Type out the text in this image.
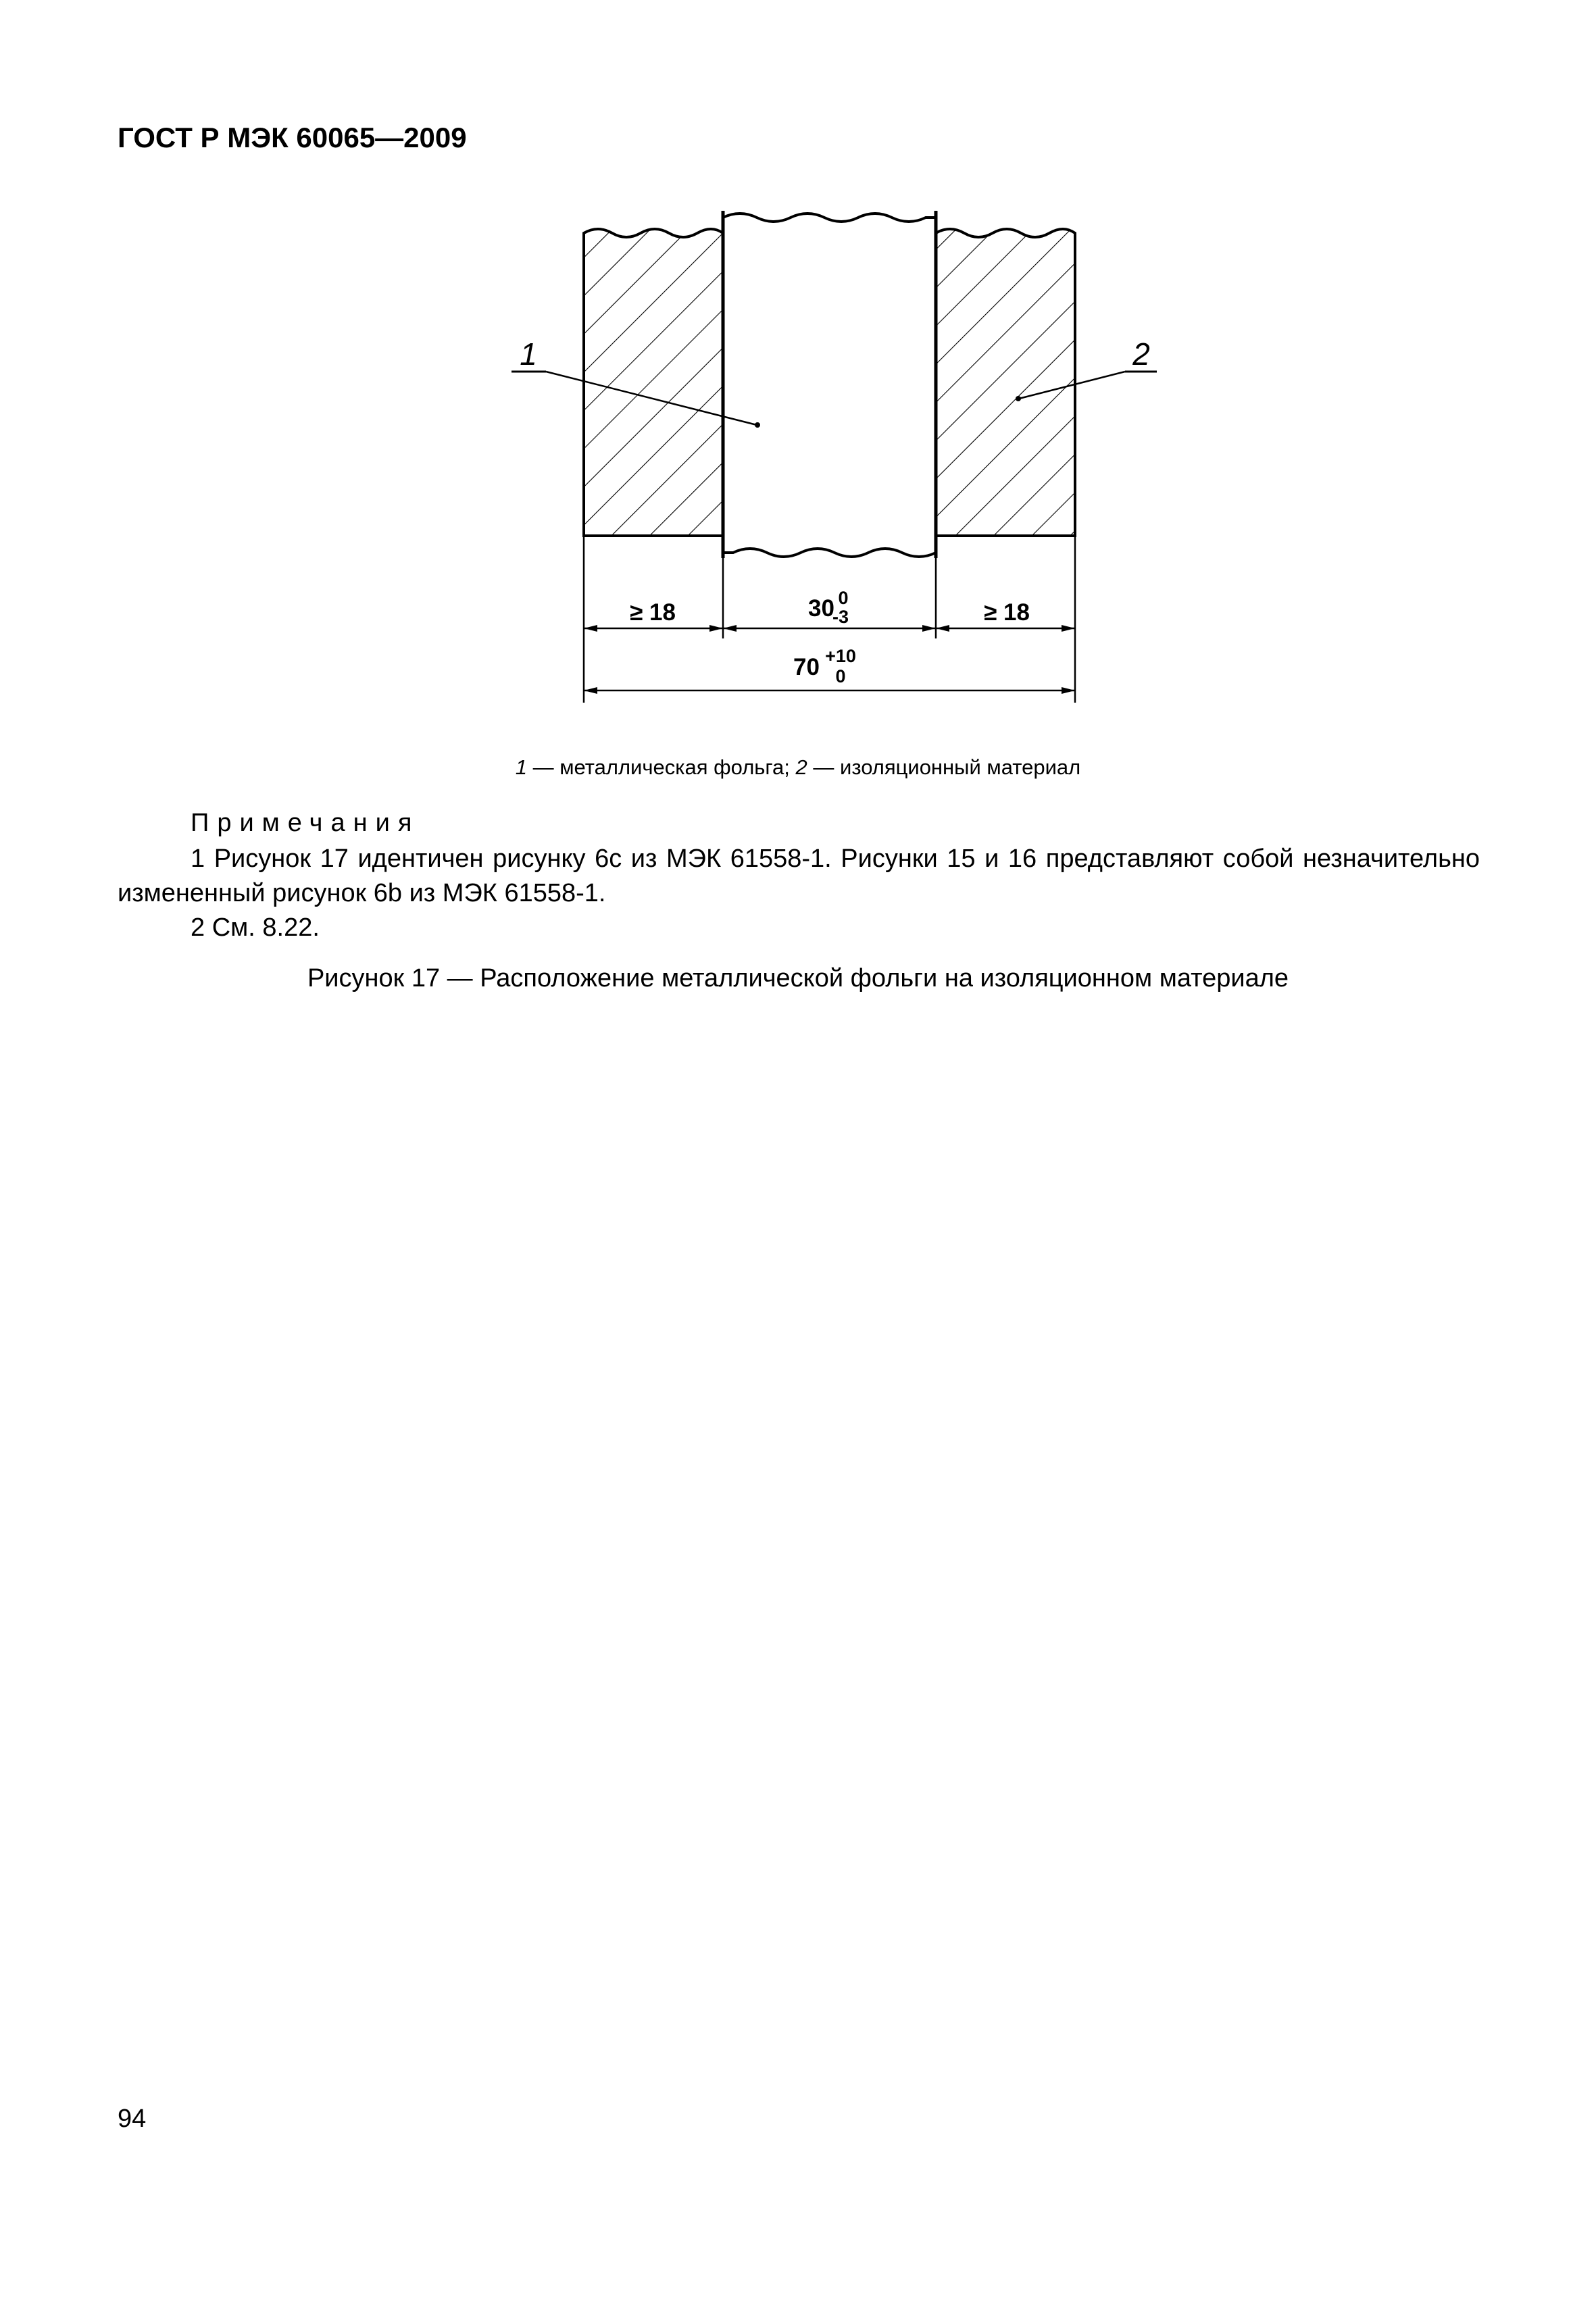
ГОСТ Р МЭК 60065—2009
1	2
≥ 18	30 0
-3	≥ 18
70 +10
0
1 — металлическая фольга; 2 — изоляционный материал
Примечания
1 Рисунок 17 идентичен рисунку 6с из МЭК 61558-1. Рисунки 15 и 16 представляют собой незначительно
измененный рисунок 6b из МЭК 61558-1.
2 См. 8.22.
Рисунок 17 — Расположение металлической фольги на изоляционном материале
94
